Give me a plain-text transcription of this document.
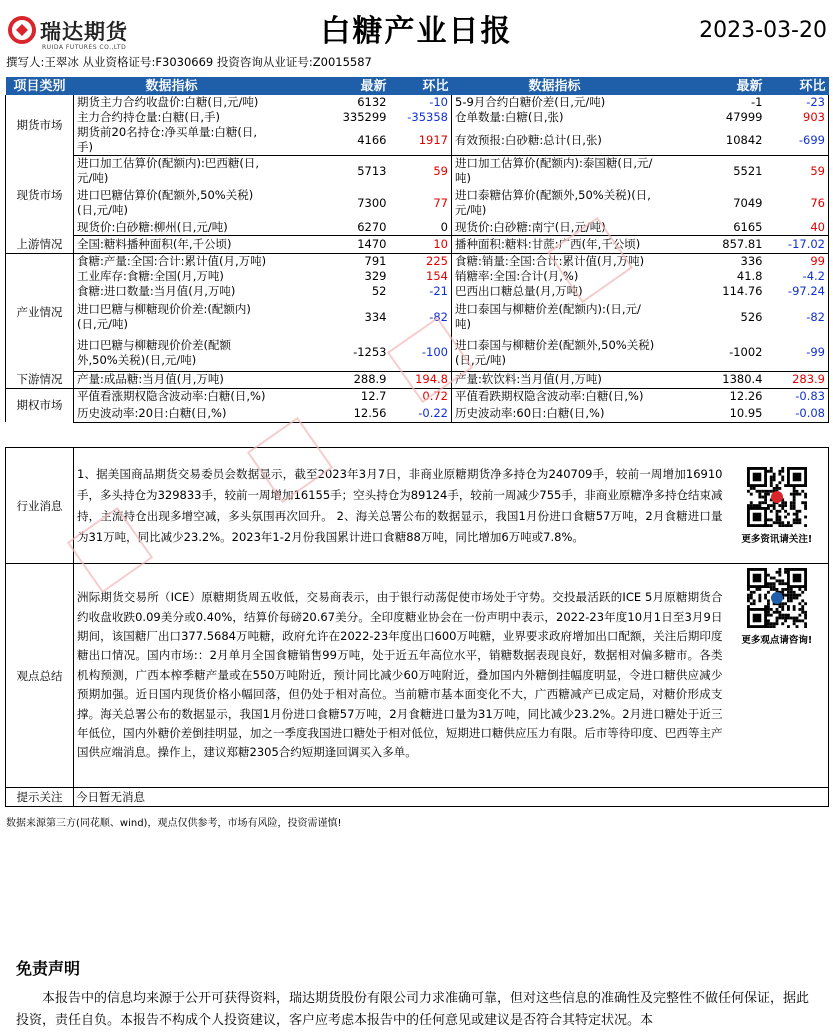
瑞达期货
RUIDA FUTURES CO.,LTD	白糖产业日报	2023-03-20
撰写人:王翠冰 从业资格证号:F3030669 投资咨询从业证号:Z0015587
项目类别	数据指标	最新	环比	数据指标	最新	环比
期货市场	期货主力合约收盘价:白糖(日,元/吨)	6132	-10	5-9月合约白糖价差(日,元/吨)	-1	-23
	主力合约持仓量:白糖(日,手)	335299	-35358	仓单数量:白糖(日,张)	47999	903
	期货前20名持仓:净买单量:白糖(日,手)	4166	1917	有效预报:白砂糖:总计(日,张)	10842	-699
现货市场	进口加工估算价(配额内):巴西糖(日,元/吨)	5713	59	进口加工估算价(配额内):泰国糖(日,元/吨)	5521	59
	进口巴糖估算价(配额外,50%关税)(日,元/吨)	7300	77	进口泰糖估算价(配额外,50%关税)(日,元/吨)	7049	76
	现货价:白砂糖:柳州(日,元/吨)	6270	0	现货价:白砂糖:南宁(日,元/吨)	6165	40
上游情况	全国:糖料播种面积(年,千公顷)	1470	10	播种面积:糖料:甘蔗:广西(年,千公顷)	857.81	-17.02
产业情况	食糖:产量:全国:合计:累计值(月,万吨)	791	225	食糖:销量:全国:合计:累计值(月,万吨)	336	99
	工业库存:食糖:全国(月,万吨)	329	154	销糖率:全国:合计(月,%)	41.8	-4.2
	食糖:进口数量:当月值(月,万吨)	52	-21	巴西出口糖总量(月,万吨)	114.76	-97.24
	进口巴糖与柳糖现价价差:(配额内)(日,元/吨)	334	-82	进口泰国与柳糖价差(配额内):(日,元/吨)	526	-82
	进口巴糖与柳糖现价价差(配额外,50%关税)(日,元/吨)	-1253	-100	进口泰国与柳糖价差(配额外,50%关税)(日,元/吨)	-1002	-99
下游情况	产量:成品糖:当月值(月,万吨)	288.9	194.8	产量:软饮料:当月值(月,万吨)	1380.4	283.9
期权市场	平值看涨期权隐含波动率:白糖(日,%)	12.7	0.72	平值看跌期权隐含波动率:白糖(日,%)	12.26	-0.83
	历史波动率:20日:白糖(日,%)	12.56	-0.22	历史波动率:60日:白糖(日,%)	10.95	-0.08
行业消息	1、据美国商品期货交易委员会数据显示，截至2023年3月7日，非商业原糖期货净多持仓为240709手，较前一周增加16910手，多头持仓为329833手，较前一周增加16155手；空头持仓为89124手，较前一周减少755手，非商业原糖净多持仓结束减持，主流持仓出现多增空减，多头氛围再次回升。 2、海关总署公布的数据显示，我国1月份进口食糖57万吨，2月食糖进口量为31万吨，同比减少23.2%。2023年1-2月份我国累计进口食糖88万吨，同比增加6万吨或7.8%。	更多资讯请关注!

观点总结	洲际期货交易所（ICE）原糖期货周五收低，交易商表示，由于银行动荡促使市场处于守势。交投最活跃的ICE 5月原糖期货合约收盘收跌0.09美分或0.40%，结算价每磅20.67美分。全印度糖业协会在一份声明中表示，2022-23年度10月1日至3月9日期间，该国糖厂出口377.5684万吨糖，政府允许在2022-23年度出口600万吨糖，业界要求政府增加出口配额，关注后期印度糖出口情况。国内市场:：2月单月全国食糖销售99万吨，处于近五年高位水平，销糖数据表现良好，数据相对偏多糖市。各类机构预测，广西本榨季糖产量或在550万吨附近，预计同比减少60万吨附近，叠加国内外糖倒挂幅度明显，令进口糖供应减少预期加强。近日国内现货价格小幅回落，但仍处于相对高位。当前糖市基本面变化不大，广西糖减产已成定局，对糖价形成支撑。海关总署公布的数据显示，我国1月份进口食糖57万吨，2月食糖进口量为31万吨，同比减少23.2%。2月进口糖处于近三年低位，国内外糖价差倒挂明显，加之一季度我国进口糖处于相对低位，短期进口糖供应压力有限。后市等待印度、巴西等主产国供应端消息。操作上，建议郑糖2305合约短期逢回调买入多单。	更多观点请咨询!

提示关注	今日暂无消息	
数据来源第三方(同花顺、wind)，观点仅供参考，市场有风险，投资需谨慎!
免责声明
本报告中的信息均来源于公开可获得资料，瑞达期货股份有限公司力求准确可靠，但对这些信息的准确性及完整性不做任何保证，据此投资，责任自负。本报告不构成个人投资建议，客户应考虑本报告中的任何意见或建议是否符合其特定状况。本
